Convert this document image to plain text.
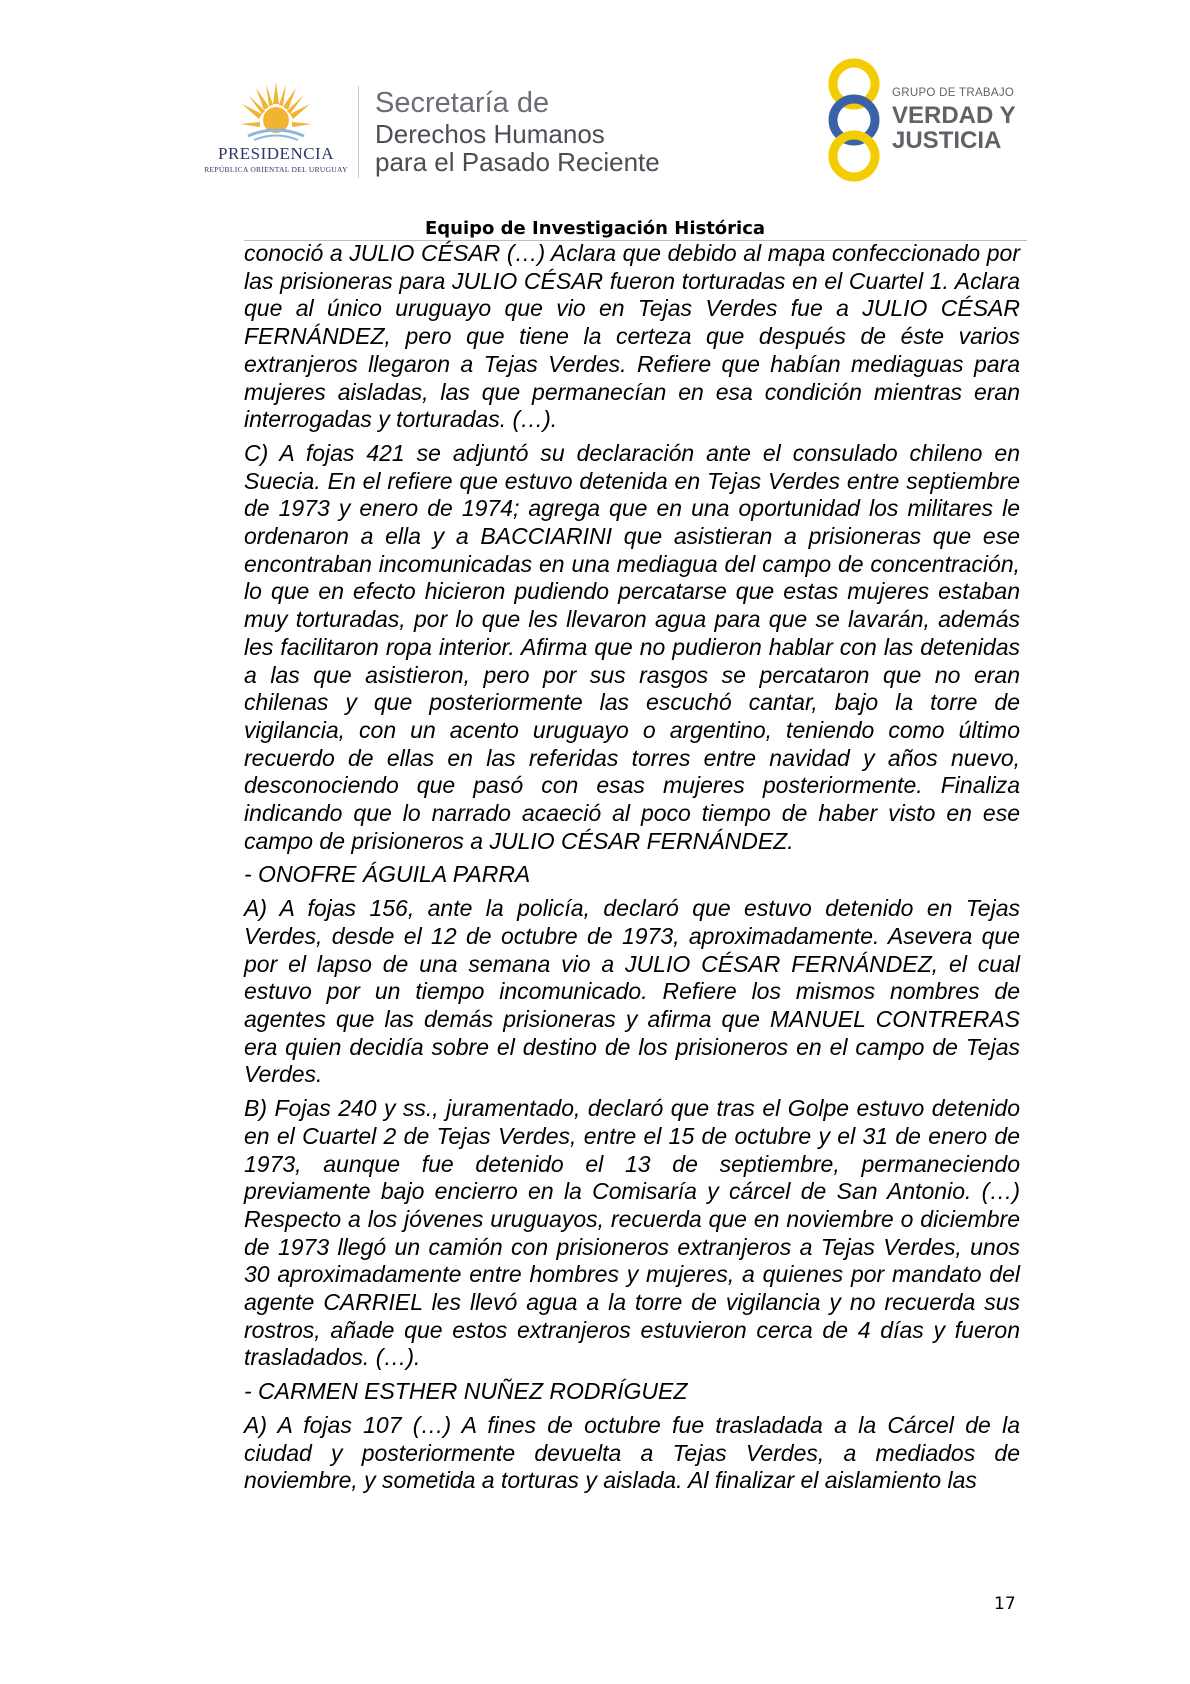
PRESIDENCIA
REPÚBLICA ORIENTAL DEL URUGUAY
Secretaría de
Derechos Humanos
para el Pasado Reciente
GRUPO DE TRABAJO
VERDAD Y
JUSTICIA
Equipo de Investigación Histórica

conoció a JULIO CÉSAR (…) Aclara que debido al mapa confeccionado por las prisioneras para JULIO CÉSAR fueron torturadas en el Cuartel 1. Aclara que al único uruguayo que vio en Tejas Verdes fue a JULIO CÉSAR FERNÁNDEZ, pero que tiene la certeza que después de éste varios extranjeros llegaron a Tejas Verdes. Refiere que habían mediaguas para mujeres aisladas, las que permanecían en esa condición mientras eran interrogadas y torturadas. (…).

C) A fojas 421 se adjuntó su declaración ante el consulado chileno en Suecia. En el refiere que estuvo detenida en Tejas Verdes entre septiembre de 1973 y enero de 1974; agrega que en una oportunidad los militares le ordenaron a ella y a BACCIARINI que asistieran a prisioneras que ese encontraban incomunicadas en una mediagua del campo de concentración, lo que en efecto hicieron pudiendo percatarse que estas mujeres estaban muy torturadas, por lo que les llevaron agua para que se lavarán, además les facilitaron ropa interior. Afirma que no pudieron hablar con las detenidas a las que asistieron, pero por sus rasgos se percataron que no eran chilenas y que posteriormente las escuchó cantar, bajo la torre de vigilancia, con un acento uruguayo o argentino, teniendo como último recuerdo de ellas en las referidas torres entre navidad y años nuevo, desconociendo que pasó con esas mujeres posteriormente. Finaliza indicando que lo narrado acaeció al poco tiempo de haber visto en ese campo de prisioneros a JULIO CÉSAR FERNÁNDEZ.

- ONOFRE ÁGUILA PARRA

A) A fojas 156, ante la policía, declaró que estuvo detenido en Tejas Verdes, desde el 12 de octubre de 1973, aproximadamente. Asevera que por el lapso de una semana vio a JULIO CÉSAR FERNÁNDEZ, el cual estuvo por un tiempo incomunicado. Refiere los mismos nombres de agentes que las demás prisioneras y afirma que MANUEL CONTRERAS era quien decidía sobre el destino de los prisioneros en el campo de Tejas Verdes.

B) Fojas 240 y ss., juramentado, declaró que tras el Golpe estuvo detenido en el Cuartel 2 de Tejas Verdes, entre el 15 de octubre y el 31 de enero de 1973, aunque fue detenido el 13 de septiembre, permaneciendo previamente bajo encierro en la Comisaría y cárcel de San Antonio. (…) Respecto a los jóvenes uruguayos, recuerda que en noviembre o diciembre de 1973 llegó un camión con prisioneros extranjeros a Tejas Verdes, unos 30 aproximadamente entre hombres y mujeres, a quienes por mandato del agente CARRIEL les llevó agua a la torre de vigilancia y no recuerda sus rostros, añade que estos extranjeros estuvieron cerca de 4 días y fueron trasladados. (…).

- CARMEN ESTHER NUÑEZ RODRÍGUEZ

A) A fojas 107 (…) A fines de octubre fue trasladada a la Cárcel de la ciudad y posteriormente devuelta a Tejas Verdes, a mediados de noviembre, y sometida a torturas y aislada. Al finalizar el aislamiento las

17
